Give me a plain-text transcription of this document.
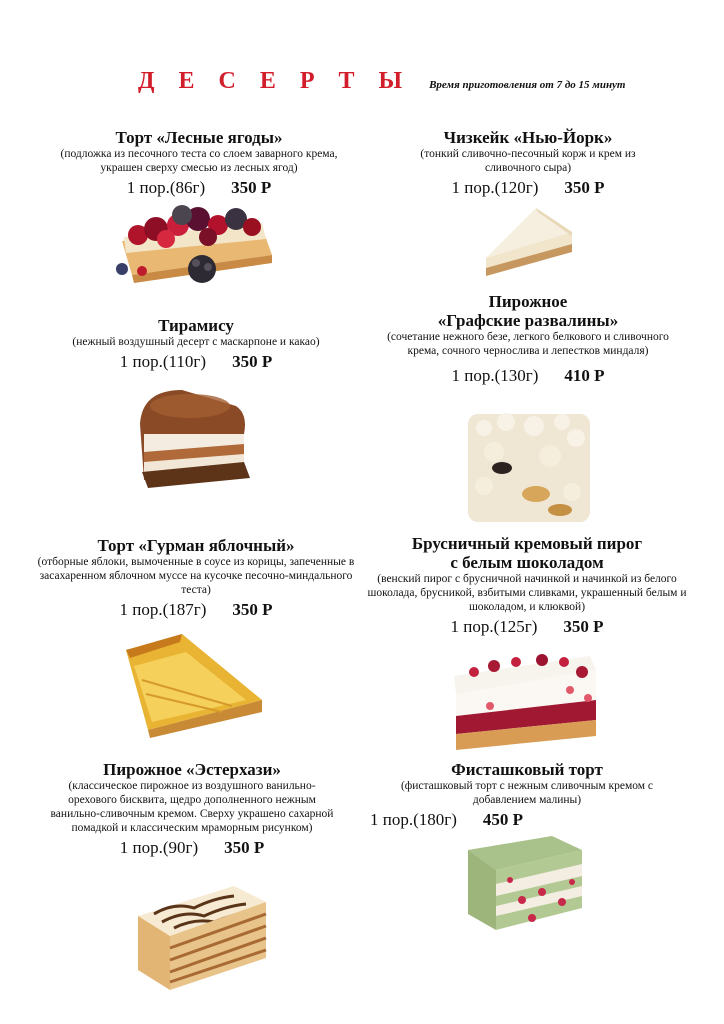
Д Е С Е Р Т Ы Время приготовления от 7 до 15 минут
Торт «Лесные ягоды»
(подложка из песочного теста со слоем заварного крема, украшен сверху смесью из лесных ягод)
1 пор.(86г) 350 Р
Чизкейк «Нью-Йорк»
(тонкий сливочно-песочный корж и крем из сливочного сыра)
1 пор.(120г) 350 Р
Тирамису
(нежный воздушный десерт с маскарпоне и какао)
1 пор.(110г) 350 Р
Пирожное
«Графские развалины»
(сочетание нежного безе, легкого белкового и сливочного крема, сочного чернослива и лепестков миндаля)
1 пор.(130г) 410 Р
Торт «Гурман яблочный»
(отборные яблоки, вымоченные в соусе из корицы, запеченные в засахаренном яблочном муссе на кусочке песочно-миндального теста)
1 пор.(187г) 350 Р
Брусничный кремовый пирог
с белым шоколадом
(венский пирог с брусничной начинкой и начинкой из белого шоколада, брусникой, взбитыми сливками, украшенный белым и шоколадом, и клюквой)
1 пор.(125г) 350 Р
Пирожное «Эстерхази»
(классическое пирожное из воздушного ванильно-орехового бисквита, щедро дополненного нежным ванильно-сливочным кремом. Сверху украшено сахарной помадкой и классическим мраморным рисунком)
1 пор.(90г) 350 Р
Фисташковый торт
(фисташковый торт с нежным сливочным кремом с добавлением малины)
1 пор.(180г) 450 Р
